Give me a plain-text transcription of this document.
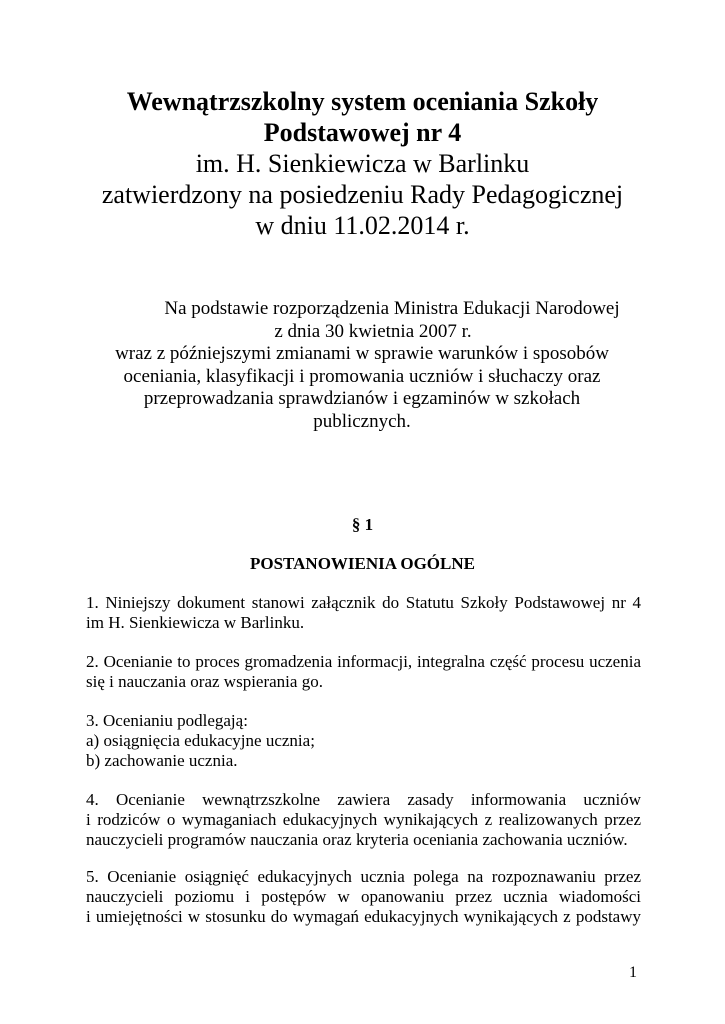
Wewnątrzszkolny system oceniania Szkoły
Podstawowej nr 4
im. H. Sienkiewicza w Barlinku
zatwierdzony na posiedzeniu Rady Pedagogicznej
w dniu 11.02.2014 r.
Na podstawie rozporządzenia Ministra Edukacji Narodowej
z dnia 30 kwietnia 2007 r.
wraz z późniejszymi zmianami w sprawie warunków i sposobów
oceniania, klasyfikacji i promowania uczniów i słuchaczy oraz
przeprowadzania sprawdzianów i egzaminów w szkołach
publicznych.
§ 1
POSTANOWIENIA OGÓLNE
1. Niniejszy dokument stanowi załącznik do Statutu Szkoły Podstawowej nr 4
im H. Sienkiewicza w Barlinku.
2. Ocenianie to proces gromadzenia informacji, integralna część procesu uczenia
się i nauczania oraz wspierania go.
3. Ocenianiu podlegają:
a) osiągnięcia edukacyjne ucznia;
b) zachowanie ucznia.
4. Ocenianie wewnątrzszkolne zawiera zasady informowania uczniów
i rodziców o wymaganiach edukacyjnych wynikających z realizowanych przez
nauczycieli programów nauczania oraz kryteria oceniania zachowania uczniów.
5. Ocenianie osiągnięć edukacyjnych ucznia polega na rozpoznawaniu przez
nauczycieli poziomu i postępów w opanowaniu przez ucznia wiadomości
i umiejętności w stosunku do wymagań edukacyjnych wynikających z podstawy
1
